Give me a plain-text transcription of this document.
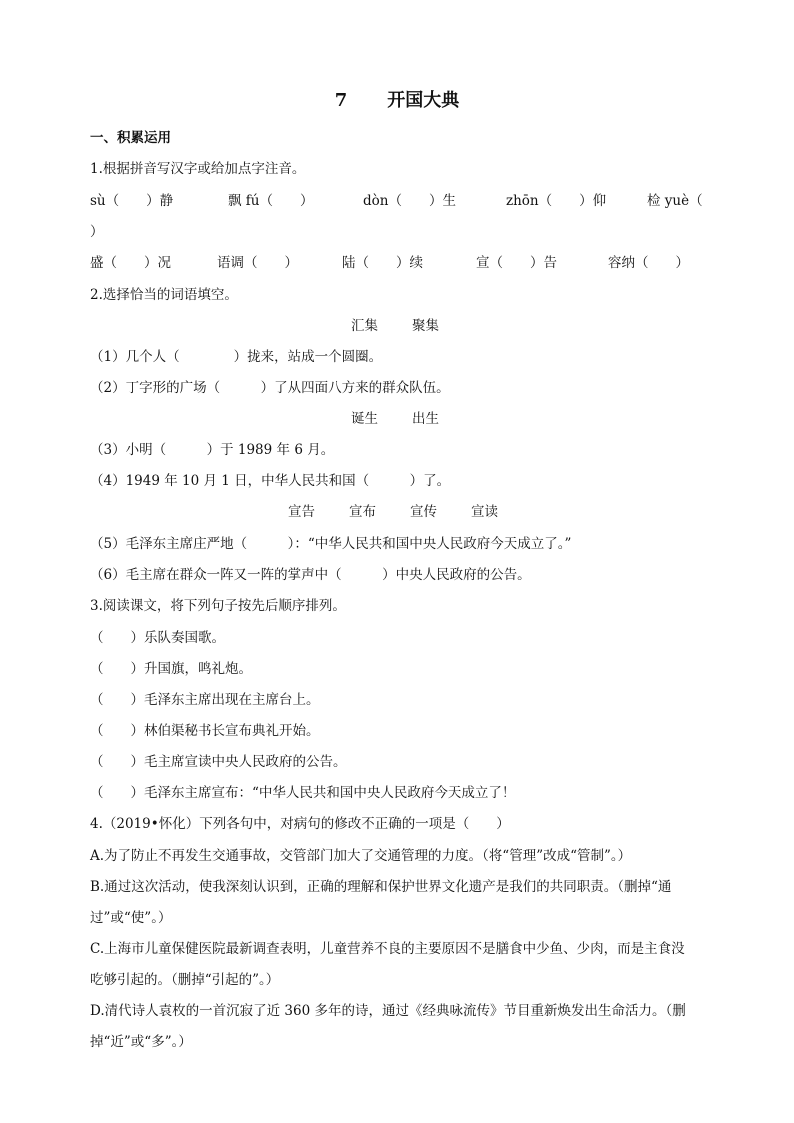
7 开国大典
一、积累运用
1.根据拼音写汉字或给加点字注音。
sù（　　）静	飘 fú（　　）	dòn（　　）生	zhōn（　　）仰	检 yuè（
）
盛（　　）况	语调（　　）	陆（　　）续	宣（　　）告	容纳（　　）
2.选择恰当的词语填空。
汇集	聚集
（1）几个人（　　　　）拢来，站成一个圆圈。
（2）丁字形的广场（　　　）了从四面八方来的群众队伍。
诞生	出生
（3）小明（　　　）于 1989 年 6 月。
（4）1949 年 10 月 1 日，中华人民共和国（　　　）了。
宣告	宣布	宣传	宣读
（5）毛泽东主席庄严地（　　　）：“中华人民共和国中央人民政府今天成立了。”
（6）毛主席在群众一阵又一阵的掌声中（　　　）中央人民政府的公告。
3.阅读课文，将下列句子按先后顺序排列。
（　　）乐队奏国歌。
（　　）升国旗，鸣礼炮。
（　　）毛泽东主席出现在主席台上。
（　　）林伯渠秘书长宣布典礼开始。
（　　）毛主席宣读中央人民政府的公告。
（　　）毛泽东主席宣布：“中华人民共和国中央人民政府今天成立了！
4.（2019•怀化）下列各句中，对病句的修改不正确的一项是（　　）
A.为了防止不再发生交通事故，交管部门加大了交通管理的力度。（将“管理”改成“管制”。）
B.通过这次活动，使我深刻认识到，正确的理解和保护世界文化遗产是我们的共同职责。（删掉“通
过”或“使”。）
C.上海市儿童保健医院最新调查表明，儿童营养不良的主要原因不是膳食中少鱼、少肉，而是主食没
吃够引起的。（删掉“引起的”。）
D.清代诗人袁枚的一首沉寂了近 360 多年的诗，通过《经典咏流传》节目重新焕发出生命活力。（删
掉“近”或“多”。）
